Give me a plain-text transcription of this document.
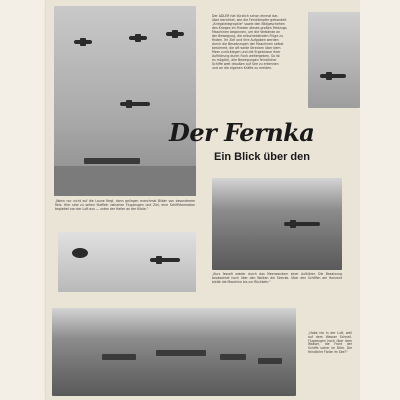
„Wenn nur nicht auf die Laune fiegt, dann gelingen manchmal Bilder von besonderem Reiz. Hier sind zu sehen Staffeln zwischen Flugzeugen und Ziel, eine Schiffsformation begleitet von der Luft aus — unten der Hafen an der Küste.“
Der ADLER hat kürzlich schon einmal dar-
über berichtet, wie die Fernkämpfer gehandelt
„Kriegstelegraphie“ sowie den Bildgeschehen
des Krieges im Frieden dieses großen Feldzugs
Maschinen begannen, um die Verbände an
der Bewegung, die entscheidenden Flüge zu
finden. Ihr Ziel und ihre Aufgaben werden
durch die Besatzungen der Maschinen selbst
bestimmt, die oft weite Strecken über dem
Meer zurücklegen und die Ergebnisse ihrer
Aufklärung durch Funk weitergeben. So ist
es möglich, alle Bewegungen feindlicher
Schiffe weit draußen auf See zu erkennen
und an die eigenen Kräfte zu melden.
Der Fernka
Ein Blick über den
„Kurs fesselt wieder durch das Meerwandern einer Aufklärer. Die Besatzung beobachtet hoch über den Wolken die Strecke. Über den Schiffen am Horizont bleibt die Maschine bis zur Rückkehr.“
„Habe nie in der Luft, weil auf dem Wasser Schnell. Flugzeugen hoch über dem Wasser, die Front der Schiffe sicher im Blick. Die feindliche Flotte im See?“
